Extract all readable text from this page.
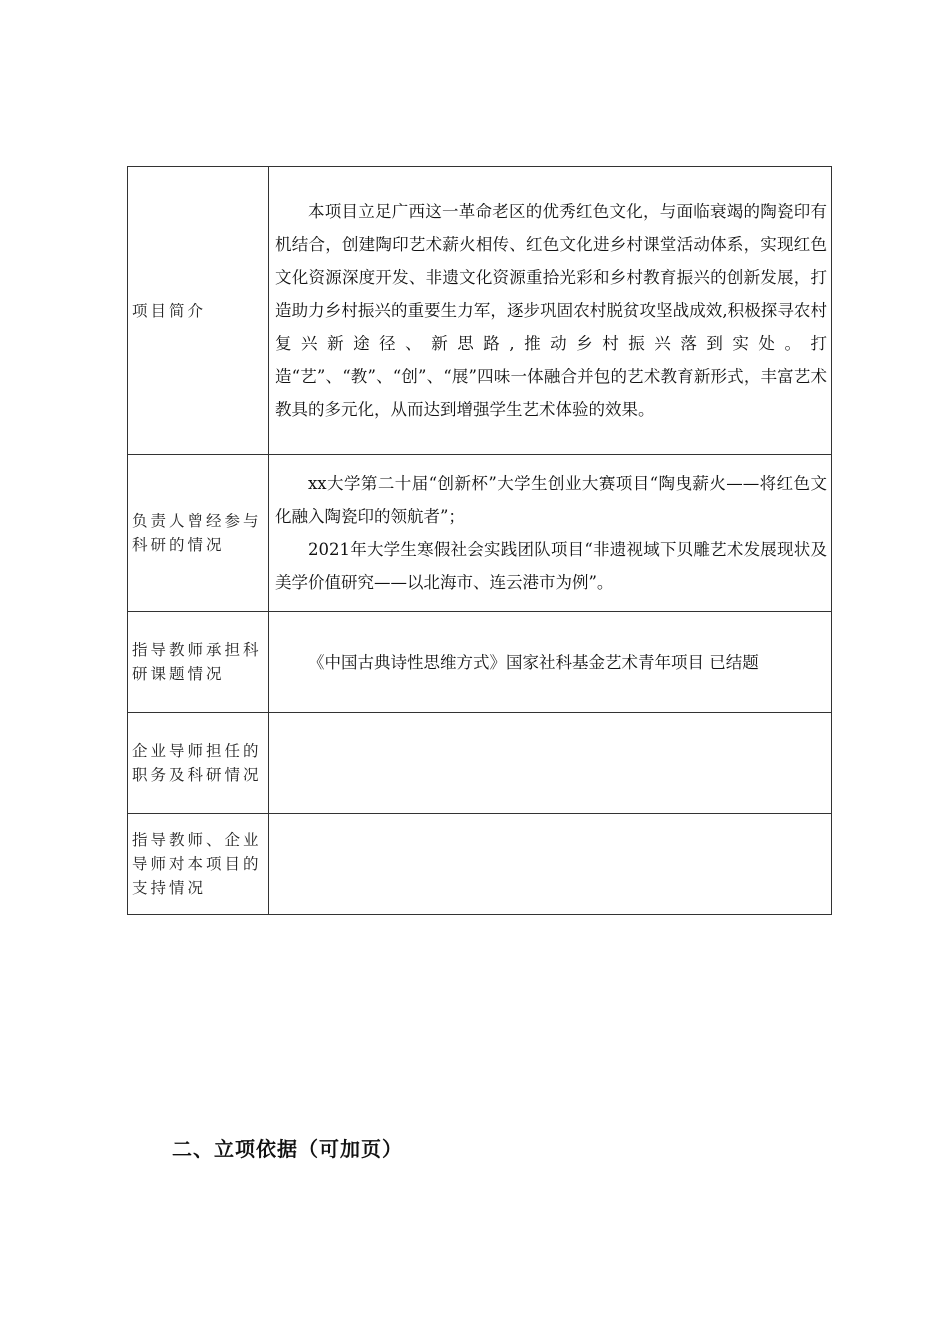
项目简介	本项目立足广西这一革命老区的优秀红色文化，与面临衰竭的陶瓷印有机结合，创建陶印艺术薪火相传、红色文化进乡村课堂活动体系，实现红色文化资源深度开发、非遗文化资源重拾光彩和乡村教育振兴的创新发展，打造助力乡村振兴的重要生力军，逐步巩固农村脱贫攻坚战成效,积极探寻农村复兴新途径、新思路,推动乡村振兴落到实处。打造“艺”、“教”、“创”、“展”四味一体融合并包的艺术教育新形式，丰富艺术教具的多元化，从而达到增强学生艺术体验的效果。

负责人曾经参与科研的情况	xx大学第二十届“创新杯”大学生创业大赛项目“陶曳薪火——将红色文化融入陶瓷印的领航者”；

2021年大学生寒假社会实践团队项目“非遗视域下贝雕艺术发展现状及美学价值研究——以北海市、连云港市为例”。

指导教师承担科研课题情况	《中国古典诗性思维方式》国家社科基金艺术青年项目 已结题
企业导师担任的职务及科研情况	
指导教师、企业导师对本项目的支持情况	
二、立项依据（可加页）
